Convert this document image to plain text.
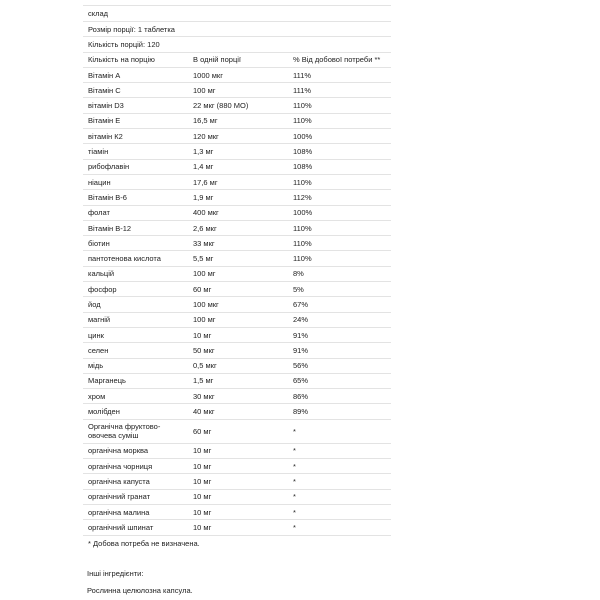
склад		
Розмір порції: 1 таблетка		
Кількість порцій: 120		
Кількість на порцію	В одній порції	% Від добової потреби **
Вітамін A	1000 мкг	111%
Вітамін C	100 мг	111%
вітамін D3	22 мкг (880 МО)	110%
Вітамін Е	16,5 мг	110%
вітамін К2	120 мкг	100%
тіамін	1,3 мг	108%
рибофлавін	1,4 мг	108%
ніацин	17,6 мг	110%
Вітамін B-6	1,9 мг	112%
фолат	400 мкг	100%
Вітамін B-12	2,6 мкг	110%
біотин	33 мкг	110%
пантотенова кислота	5,5 мг	110%
кальцій	100 мг	8%
фосфор	60 мг	5%
йод	100 мкг	67%
магній	100 мг	24%
цинк	10 мг	91%
селен	50 мкг	91%
мідь	0,5 мкг	56%
Марганець	1,5 мг	65%
хром	30 мкг	86%
молібден	40 мкг	89%
Органічна фруктово-овочева суміш	60 мг	*
органічна морква	10 мг	*
органічна чорниця	10 мг	*
органічна капуста	10 мг	*
органічний гранат	10 мг	*
органічна малина	10 мг	*
органічний шпинат	10 мг	*
* Добова потреба не визначена.		
Інші інгредієнти:
Рослинна целюлозна капсула.
